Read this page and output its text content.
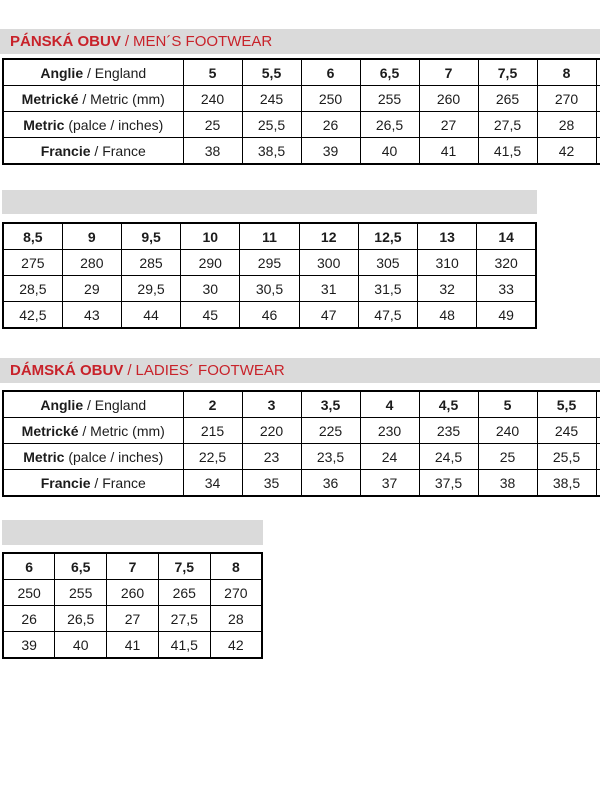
PÁNSKÁ OBUV / MEN´S FOOTWEAR
Anglie / England	5	5,5	6	6,5	7	7,5	8	
Metrické / Metric (mm)	240	245	250	255	260	265	270	
Metric (palce / inches)	25	25,5	26	26,5	27	27,5	28	
Francie / France	38	38,5	39	40	41	41,5	42	
8,5	9	9,5	10	11	12	12,5	13	14
275	280	285	290	295	300	305	310	320
28,5	29	29,5	30	30,5	31	31,5	32	33
42,5	43	44	45	46	47	47,5	48	49
DÁMSKÁ OBUV / LADIES´ FOOTWEAR
Anglie / England	2	3	3,5	4	4,5	5	5,5	
Metrické / Metric (mm)	215	220	225	230	235	240	245	
Metric (palce / inches)	22,5	23	23,5	24	24,5	25	25,5	
Francie / France	34	35	36	37	37,5	38	38,5	
6	6,5	7	7,5	8
250	255	260	265	270
26	26,5	27	27,5	28
39	40	41	41,5	42
